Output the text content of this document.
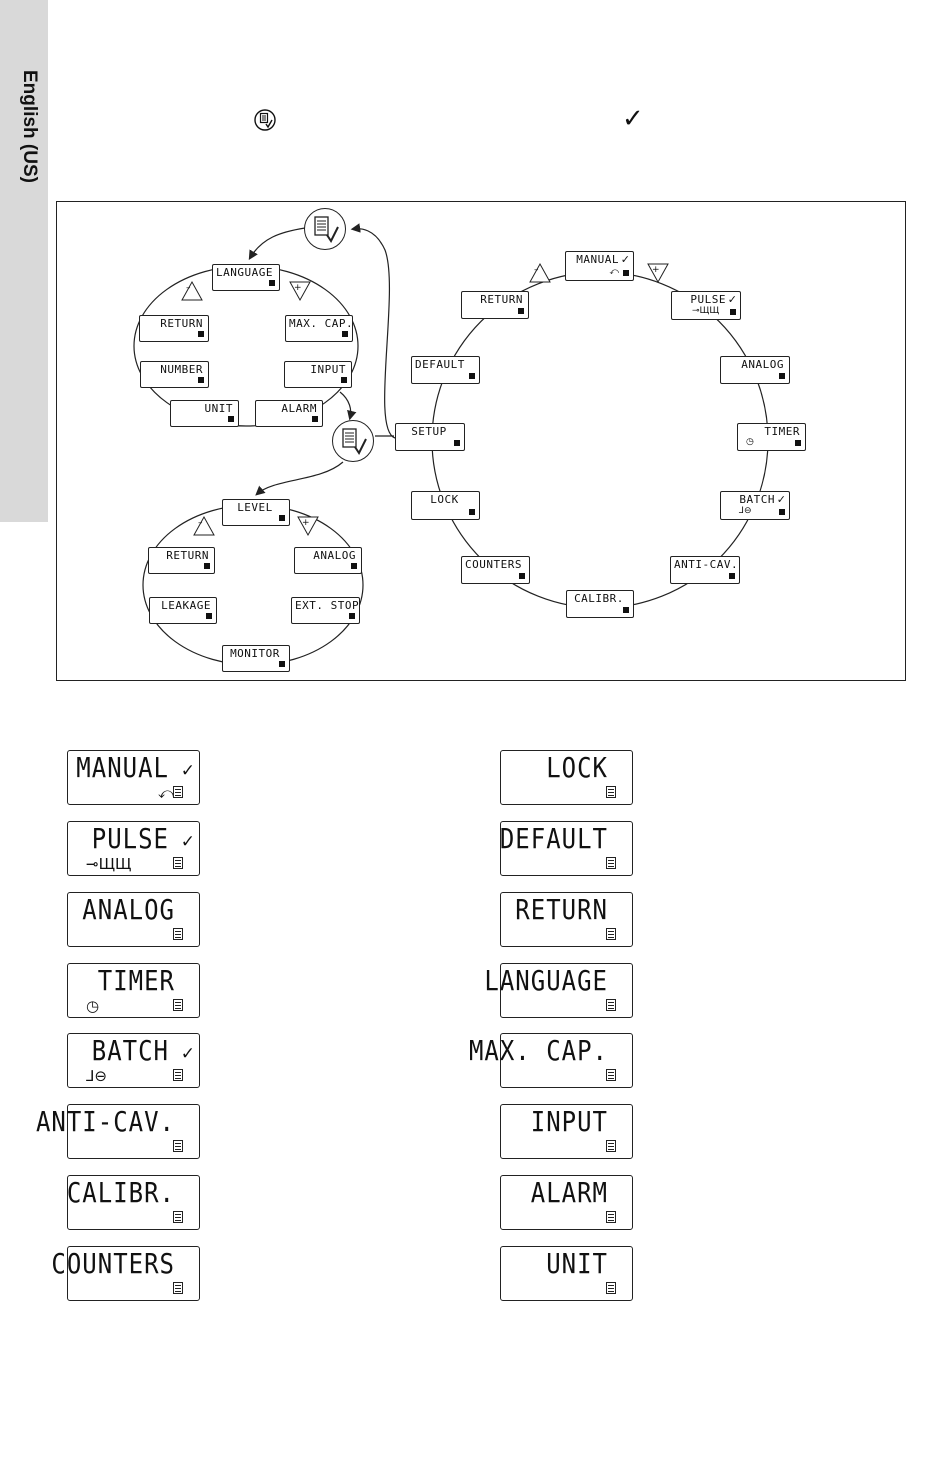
English (US)	✓
LANGUAGE
RETURN	MAX. CAP.
NUMBER	INPUT
UNIT	ALARM
–	+
LEVEL
RETURN	ANALOG
LEAKAGE	EXT. STOP
MONITOR
–	+
MANUAL ✓
⤺
RETURN	PULSE ✓
⊸ЩЩ
DEFAULT	ANALOG
SETUP	TIMER
◷
LOCK	BATCH ✓
⅃⊖
COUNTERS	ANTI-CAV.
CALIBR.
–	+
MANUAL ✓
⤺
PULSE ✓
⊸ЩЩ
ANALOG
TIMER
◷
BATCH ✓
⅃⊖
ANTI-CAV.
CALIBR.
COUNTERS
LOCK
DEFAULT
RETURN
LANGUAGE
MAX. CAP.
INPUT
ALARM
UNIT
